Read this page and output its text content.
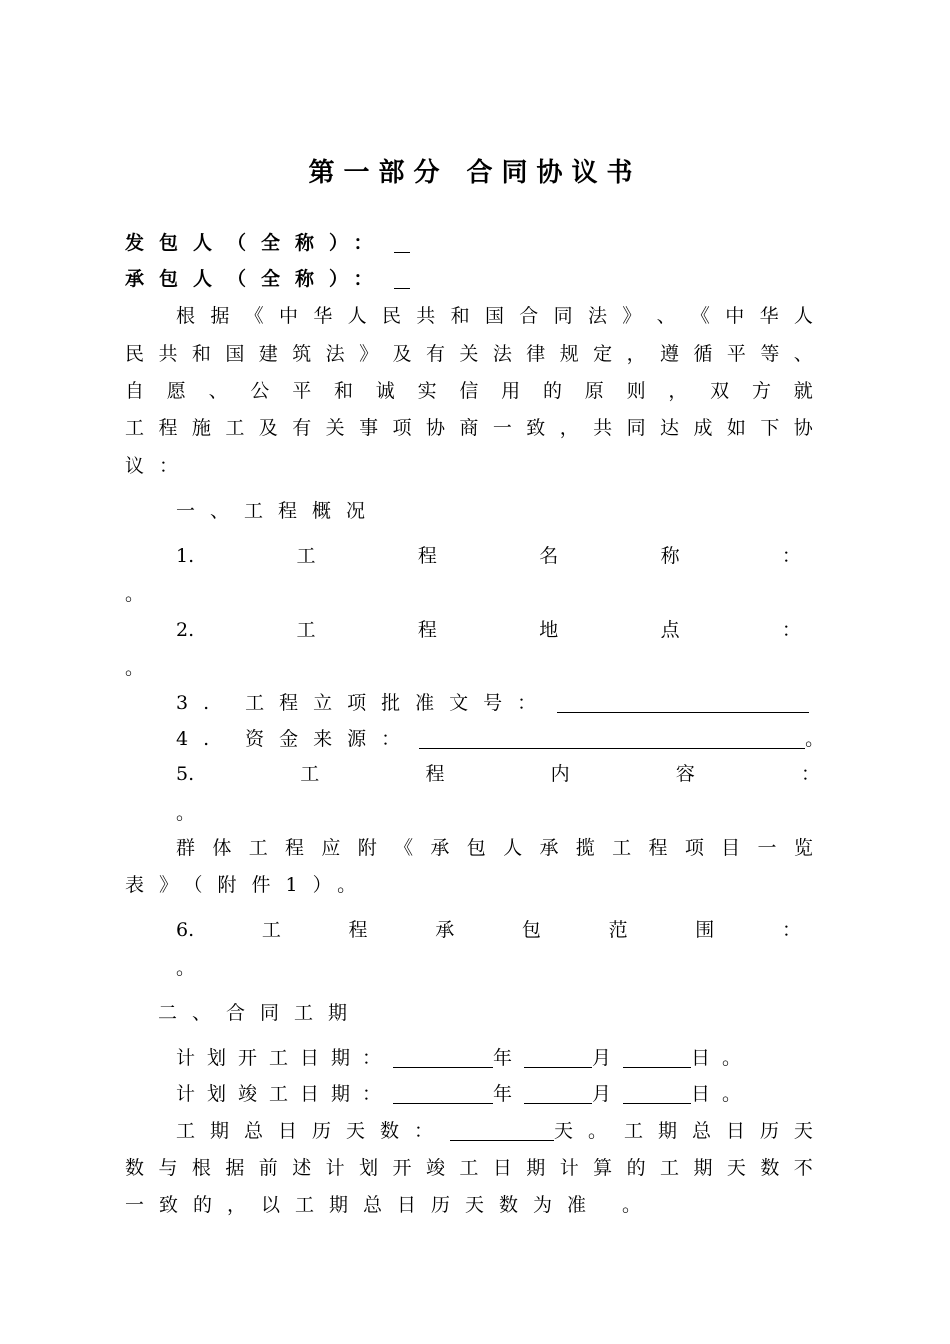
第一部分 合同协议书
发包人（全称）：
承包人（全称）：
根 据 《 中 华 人 民 共 和 国 合 同 法 》 、 《 中 华 人
民 共 和 国 建 筑 法 》 及 有 关 法 律 规 定 ， 遵 循 平 等 、
自 愿 、 公 平 和 诚 实 信 用 的 原 则 ， 双 方 就
工 程 施 工 及 有 关 事 项 协 商 一 致 ， 共 同 达 成 如 下 协
议：
一、工程概况
1.	工	程	名	称	：
。
2.	工	程	地	点	：
。
3. 工程立项批准文号：
4. 资金来源：	。
5.	工	程	内	容	：
。
群 体 工 程 应 附 《 承 包 人 承 揽 工 程 项 目 一 览
表》（附件1）。
6.	工	程	承	包	范	围	：
。
二、合同工期
计划开工日期：	年	月	日。
计划竣工日期：	年	月	日。
工期总日历天数：	天。 工 期 总 日 历 天
数 与 根 据 前 述 计 划 开 竣 工 日 期 计 算 的 工 期 天 数 不
一致的，以工期总日历天数为准 。
